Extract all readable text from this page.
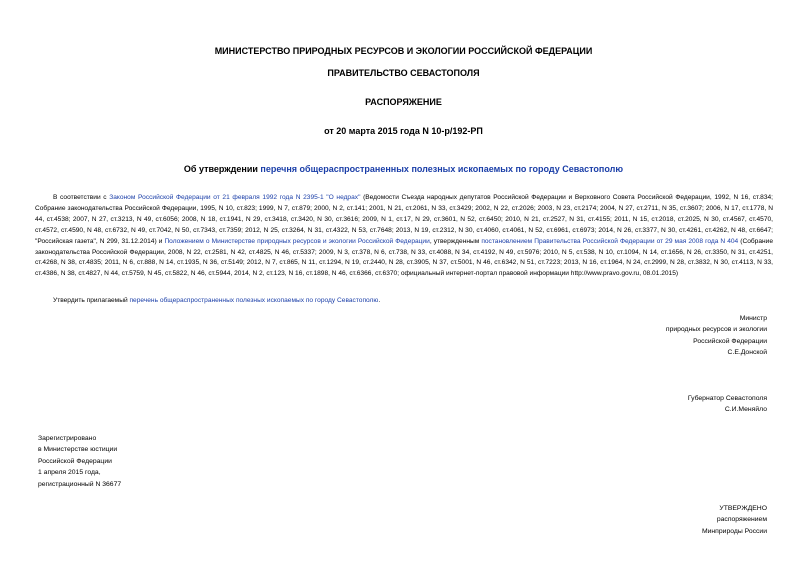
МИНИСТЕРСТВО ПРИРОДНЫХ РЕСУРСОВ И ЭКОЛОГИИ РОССИЙСКОЙ ФЕДЕРАЦИИ
ПРАВИТЕЛЬСТВО СЕВАСТОПОЛЯ
РАСПОРЯЖЕНИЕ
от 20 марта 2015 года N 10-р/192-РП
Об утверждении перечня общераспространенных полезных ископаемых по городу Севастополю

В соответствии с Законом Российской Федерации от 21 февраля 1992 года N 2395-1 "О недрах" (Ведомости Съезда народных депутатов Российской Федерации и Верховного Совета Российской Федерации, 1992, N 16, ст.834; Собрание законодательства Российской Федерации, 1995, N 10, ст.823; 1999, N 7, ст.879; 2000, N 2, ст.141; 2001, N 21, ст.2061, N 33, ст.3429; 2002, N 22, ст.2026; 2003, N 23, ст.2174; 2004, N 27, ст.2711, N 35, ст.3607; 2006, N 17, ст.1778, N 44, ст.4538; 2007, N 27, ст.3213, N 49, ст.6056; 2008, N 18, ст.1941, N 29, ст.3418, ст.3420, N 30, ст.3616; 2009, N 1, ст.17, N 29, ст.3601, N 52, ст.6450; 2010, N 21, ст.2527, N 31, ст.4155; 2011, N 15, ст.2018, ст.2025, N 30, ст.4567, ст.4570, ст.4572, ст.4590, N 48, ст.6732, N 49, ст.7042, N 50, ст.7343, ст.7359; 2012, N 25, ст.3264, N 31, ст.4322, N 53, ст.7648; 2013, N 19, ст.2312, N 30, ст.4060, ст.4061, N 52, ст.6961, ст.6973; 2014, N 26, ст.3377, N 30, ст.4261, ст.4262, N 48, ст.6647; "Российская газета", N 299, 31.12.2014) и Положением о Министерстве природных ресурсов и экологии Российской Федерации, утвержденным постановлением Правительства Российской Федерации от 29 мая 2008 года N 404 (Собрание законодательства Российской Федерации, 2008, N 22, ст.2581, N 42, ст.4825, N 46, ст.5337; 2009, N 3, ст.378, N 6, ст.738, N 33, ст.4088, N 34, ст.4192, N 49, ст.5976; 2010, N 5, ст.538, N 10, ст.1094, N 14, ст.1656, N 26, ст.3350, N 31, ст.4251, ст.4268, N 38, ст.4835; 2011, N 6, ст.888, N 14, ст.1935, N 36, ст.5149; 2012, N 7, ст.865, N 11, ст.1294, N 19, ст.2440, N 28, ст.3905, N 37, ст.5001, N 46, ст.6342, N 51, ст.7223; 2013, N 16, ст.1964, N 24, ст.2999, N 28, ст.3832, N 30, ст.4113, N 33, ст.4386, N 38, ст.4827, N 44, ст.5759, N 45, ст.5822, N 46, ст.5944, 2014, N 2, ст.123, N 16, ст.1898, N 46, ст.6366, ст.6370; официальный интернет-портал правовой информации http://www.pravo.gov.ru, 08.01.2015)

Утвердить прилагаемый перечень общераспространенных полезных ископаемых по городу Севастополю.

Министр
природных ресурсов и экологии
Российской Федерации
С.Е.Донской
Губернатор Севастополя
С.И.Меняйло
Зарегистрировано
в Министерстве юстиции
Российской Федерации
1 апреля 2015 года,
регистрационный N 36677
УТВЕРЖДЕНО
распоряжением
Минприроды России
